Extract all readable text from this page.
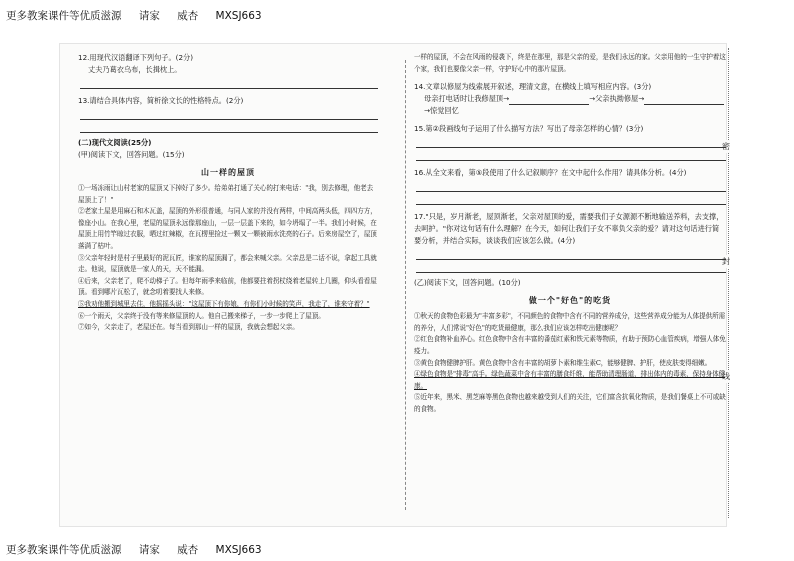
更多教案课件等优质滋源 请家 威杏 MXSJ663
密
封
线
12.用现代汉语翻译下列句子。(2分)
丈夫乃葛衣乌布，长揖枕上。
13.请结合具体内容，简析徐文长的性格特点。(2分)
(二)现代文阅读(25分)
(甲)阅读下文，回答问题。(15分)
山一样的屋顶
①一场冻雨让山村老家的屋顶又下掉好了多少。给弟弟打通了关心的打来电话："我，别去修理，他老去屋顶上了！"
②老家土屋是用麻石和木瓦盖，屋顶的外形很普通，与同人家的并没有两样，中间高两头低，四四方方，像座小山。在我心里，老屋的屋顶永远像那座山，一层一层盖下来的，如今坍塌了一半。我们小时候，在屋顶上用竹竿晾过衣服，晒过红辣椒，在瓦楞里捡过一颗又一颗被雨水洗亮的石子。后来房屋空了，屋顶落满了枯叶。
③父亲年轻时是村子里最好的泥瓦匠，谁家的屋顶漏了，都会来喊父亲。父亲总是二话不说，拿起工具就走。他说，屋顶就是一家人的天，天不能漏。
④后来，父亲老了，爬不动梯子了。但每年雨季来临前，他都要拄着拐杖绕着老屋转上几圈，仰头看看屋顶。看到哪片瓦松了，就念叨着要找人来修。
⑤我劝他搬到城里去住，他摇摇头说："这屋顶下有你娘，有你们小时候的笑声，我走了，谁来守着？"
⑥一个雨天，父亲终于没有等来修屋顶的人。他自己搬来梯子，一步一步爬上了屋顶。
⑦如今，父亲走了，老屋还在。每当看到那山一样的屋顶，我就会想起父亲。
一样的屋顶，不会在风雨的侵袭下，终是在那里，那是父亲的爱，是我们永远的家。父亲用他的一生守护着这个家，我们也要像父亲一样，守护好心中的那片屋顶。
14.文章以修屋为线索展开叙述，理清文意，在横线上填写相应内容。(3分)
母亲打电话时让我修屋顶→	→父亲执拗修屋→→惊觉回忆
15.第②段画线句子运用了什么描写方法？写出了母亲怎样的心情？(3分)
16.从全文来看，第⑤段使用了什么记叙顺序？在文中起什么作用？请具体分析。(4分)
17."只是，岁月渐老，屋顶渐老，父亲对屋顶的爱，需要我们子女源源不断地输送养料，去支撑，去呵护。"你对这句话有什么理解？在今天，如何让我们子女不辜负父亲的爱？请对这句话进行简要分析，并结合实际，谈谈我们应该怎么做。(4分)
(乙)阅读下文，回答问题。(10分)
做一个"好色"的吃货
①秋天的食物色彩最为"丰富多彩"，不同颜色的食物中含有不同的营养成分，这些营养成分能为人体提供所需的养分，人们常说"好色"的吃货最健康，那么我们应该怎样吃出健康呢？
②红色食物补血养心。红色食物中含有丰富的番茄红素和铁元素等物质，有助于预防心血管疾病，增强人体免疫力。
③黄色食物健脾护肝。黄色食物中含有丰富的胡萝卜素和维生素C，能够健脾、护肝，使皮肤变得细嫩。
④绿色食物是"排毒"高手。绿色蔬菜中含有丰富的膳食纤维，能帮助清理肠道，排出体内的毒素，保持身体健康。
⑤近年来，黑米、黑芝麻等黑色食物也越来越受到人们的关注，它们富含抗氧化物质，是我们餐桌上不可或缺的食物。
更多教案课件等优质滋源 请家 威杏 MXSJ663
